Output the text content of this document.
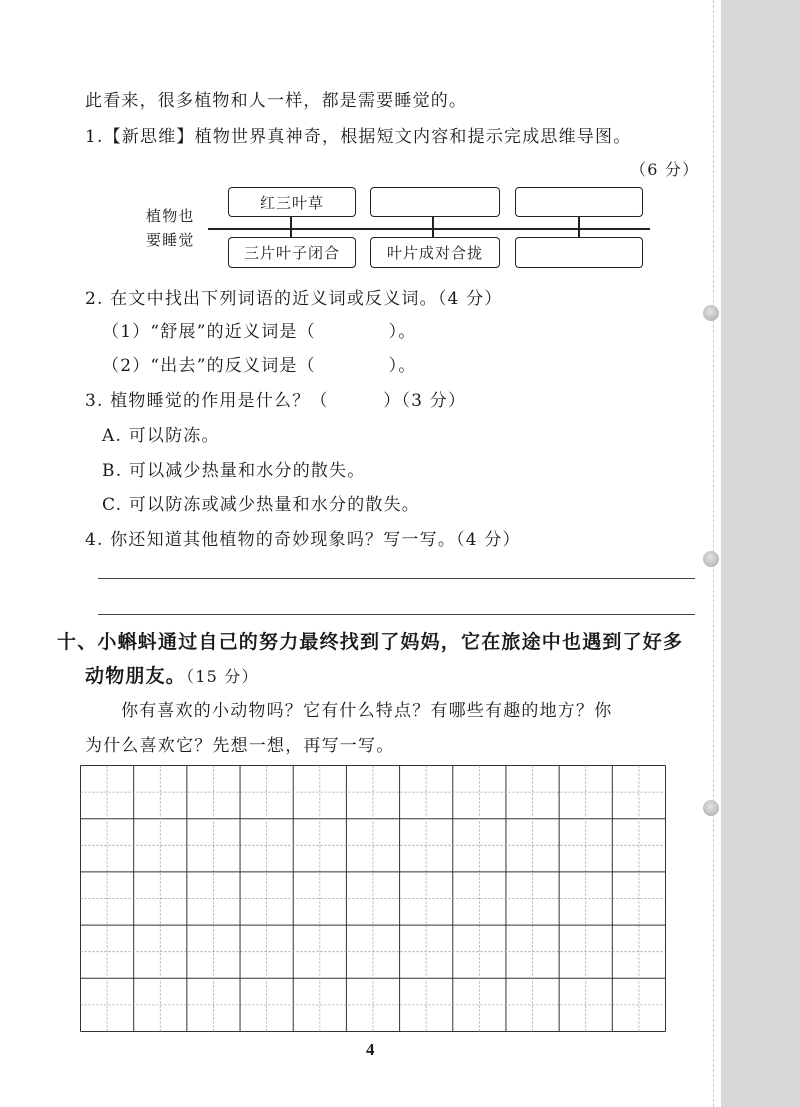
此看来，很多植物和人一样，都是需要睡觉的。
1.【新思维】植物世界真神奇，根据短文内容和提示完成思维导图。
（6 分）
植物也
要睡觉
红三叶草
三片叶子闭合	叶片成对合拢
2. 在文中找出下列词语的近义词或反义词。（4 分）
（1）“舒展”的近义词是（　　　　）。
（2）“出去”的反义词是（　　　　）。
3. 植物睡觉的作用是什么？（　　　）（3 分）
A. 可以防冻。
B. 可以减少热量和水分的散失。
C. 可以防冻或减少热量和水分的散失。
4. 你还知道其他植物的奇妙现象吗？写一写。（4 分）
十、小蝌蚪通过自己的努力最终找到了妈妈，它在旅途中也遇到了好多
动物朋友。（15 分）
你有喜欢的小动物吗？它有什么特点？有哪些有趣的地方？你
为什么喜欢它？先想一想，再写一写。
4
